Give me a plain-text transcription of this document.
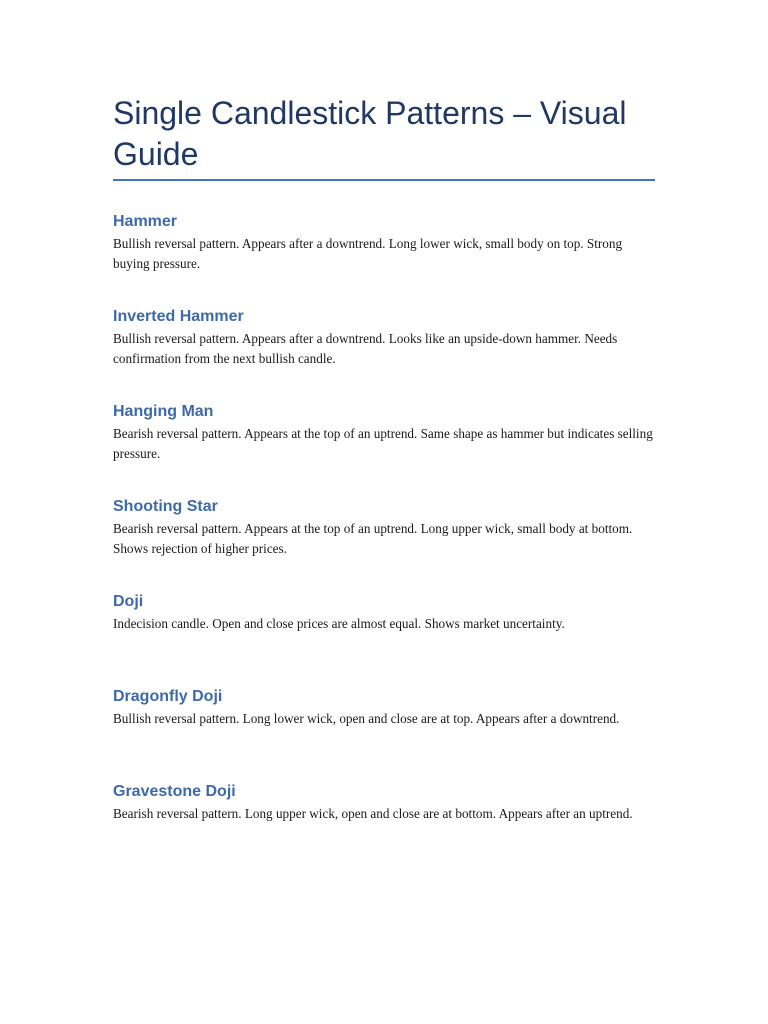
Single Candlestick Patterns – Visual Guide
Hammer

Bullish reversal pattern. Appears after a downtrend. Long lower wick, small body on top. Strong buying pressure.

Inverted Hammer

Bullish reversal pattern. Appears after a downtrend. Looks like an upside-down hammer. Needs confirmation from the next bullish candle.

Hanging Man

Bearish reversal pattern. Appears at the top of an uptrend. Same shape as hammer but indicates selling pressure.

Shooting Star

Bearish reversal pattern. Appears at the top of an uptrend. Long upper wick, small body at bottom. Shows rejection of higher prices.

Doji

Indecision candle. Open and close prices are almost equal. Shows market uncertainty.

Dragonfly Doji

Bullish reversal pattern. Long lower wick, open and close are at top. Appears after a downtrend.

Gravestone Doji

Bearish reversal pattern. Long upper wick, open and close are at bottom. Appears after an uptrend.
